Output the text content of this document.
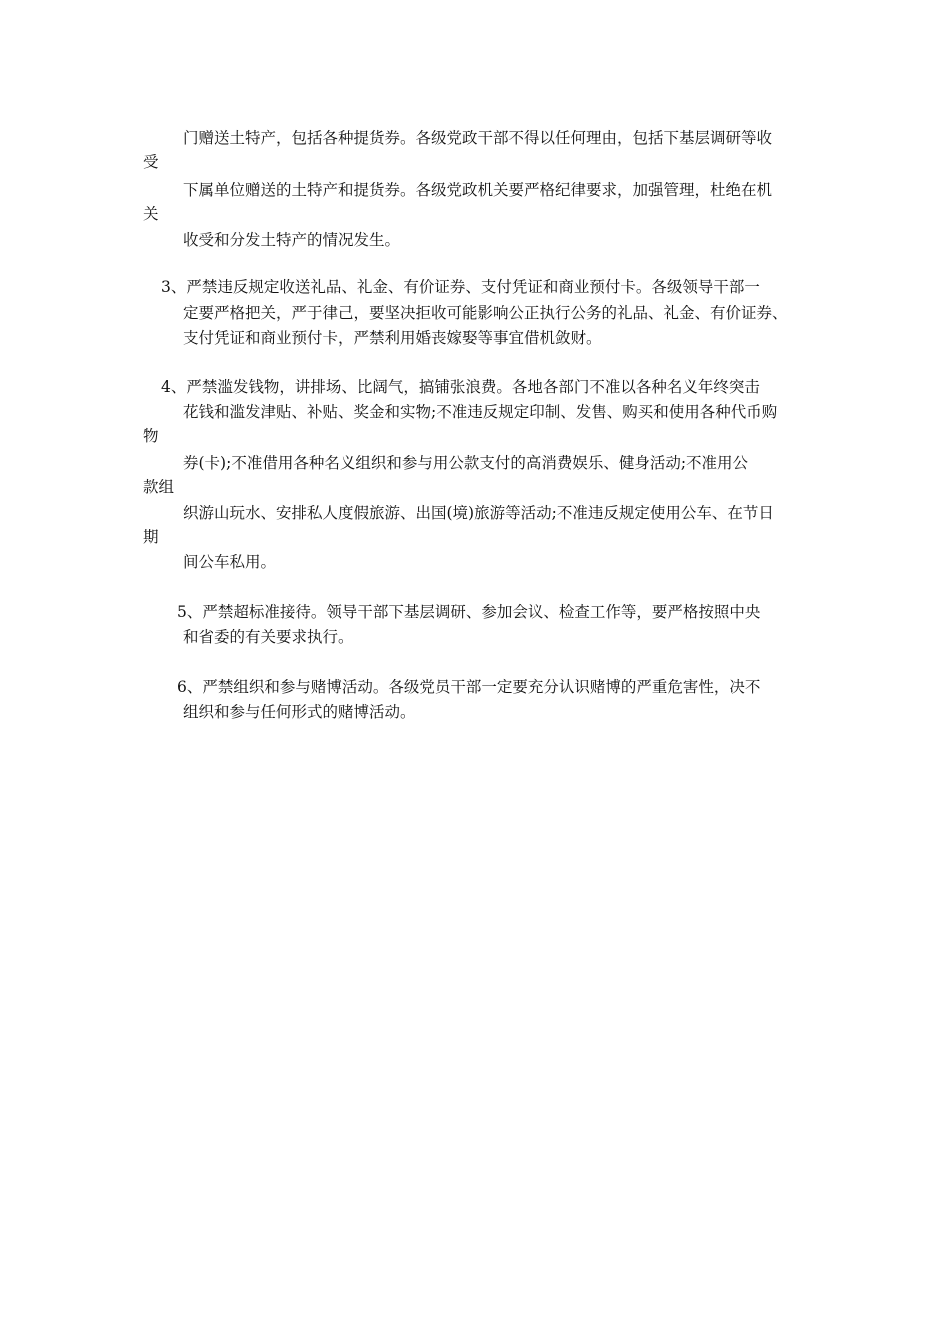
门赠送土特产，包括各种提货券。各级党政干部不得以任何理由，包括下基层调研等收
受
下属单位赠送的土特产和提货券。各级党政机关要严格纪律要求，加强管理，杜绝在机
关
收受和分发土特产的情况发生。
3、严禁违反规定收送礼品、礼金、有价证券、支付凭证和商业预付卡。各级领导干部一
定要严格把关，严于律己，要坚决拒收可能影响公正执行公务的礼品、礼金、有价证券、
支付凭证和商业预付卡，严禁利用婚丧嫁娶等事宜借机敛财。
4、严禁滥发钱物，讲排场、比阔气，搞铺张浪费。各地各部门不准以各种名义年终突击
花钱和滥发津贴、补贴、奖金和实物;不准违反规定印制、发售、购买和使用各种代币购
物
券(卡);不准借用各种名义组织和参与用公款支付的高消费娱乐、健身活动;不准用公
款组
织游山玩水、安排私人度假旅游、出国(境)旅游等活动;不准违反规定使用公车、在节日
期
间公车私用。
5、严禁超标准接待。领导干部下基层调研、参加会议、检查工作等，要严格按照中央
和省委的有关要求执行。
6、严禁组织和参与赌博活动。各级党员干部一定要充分认识赌博的严重危害性，决不
组织和参与任何形式的赌博活动。
